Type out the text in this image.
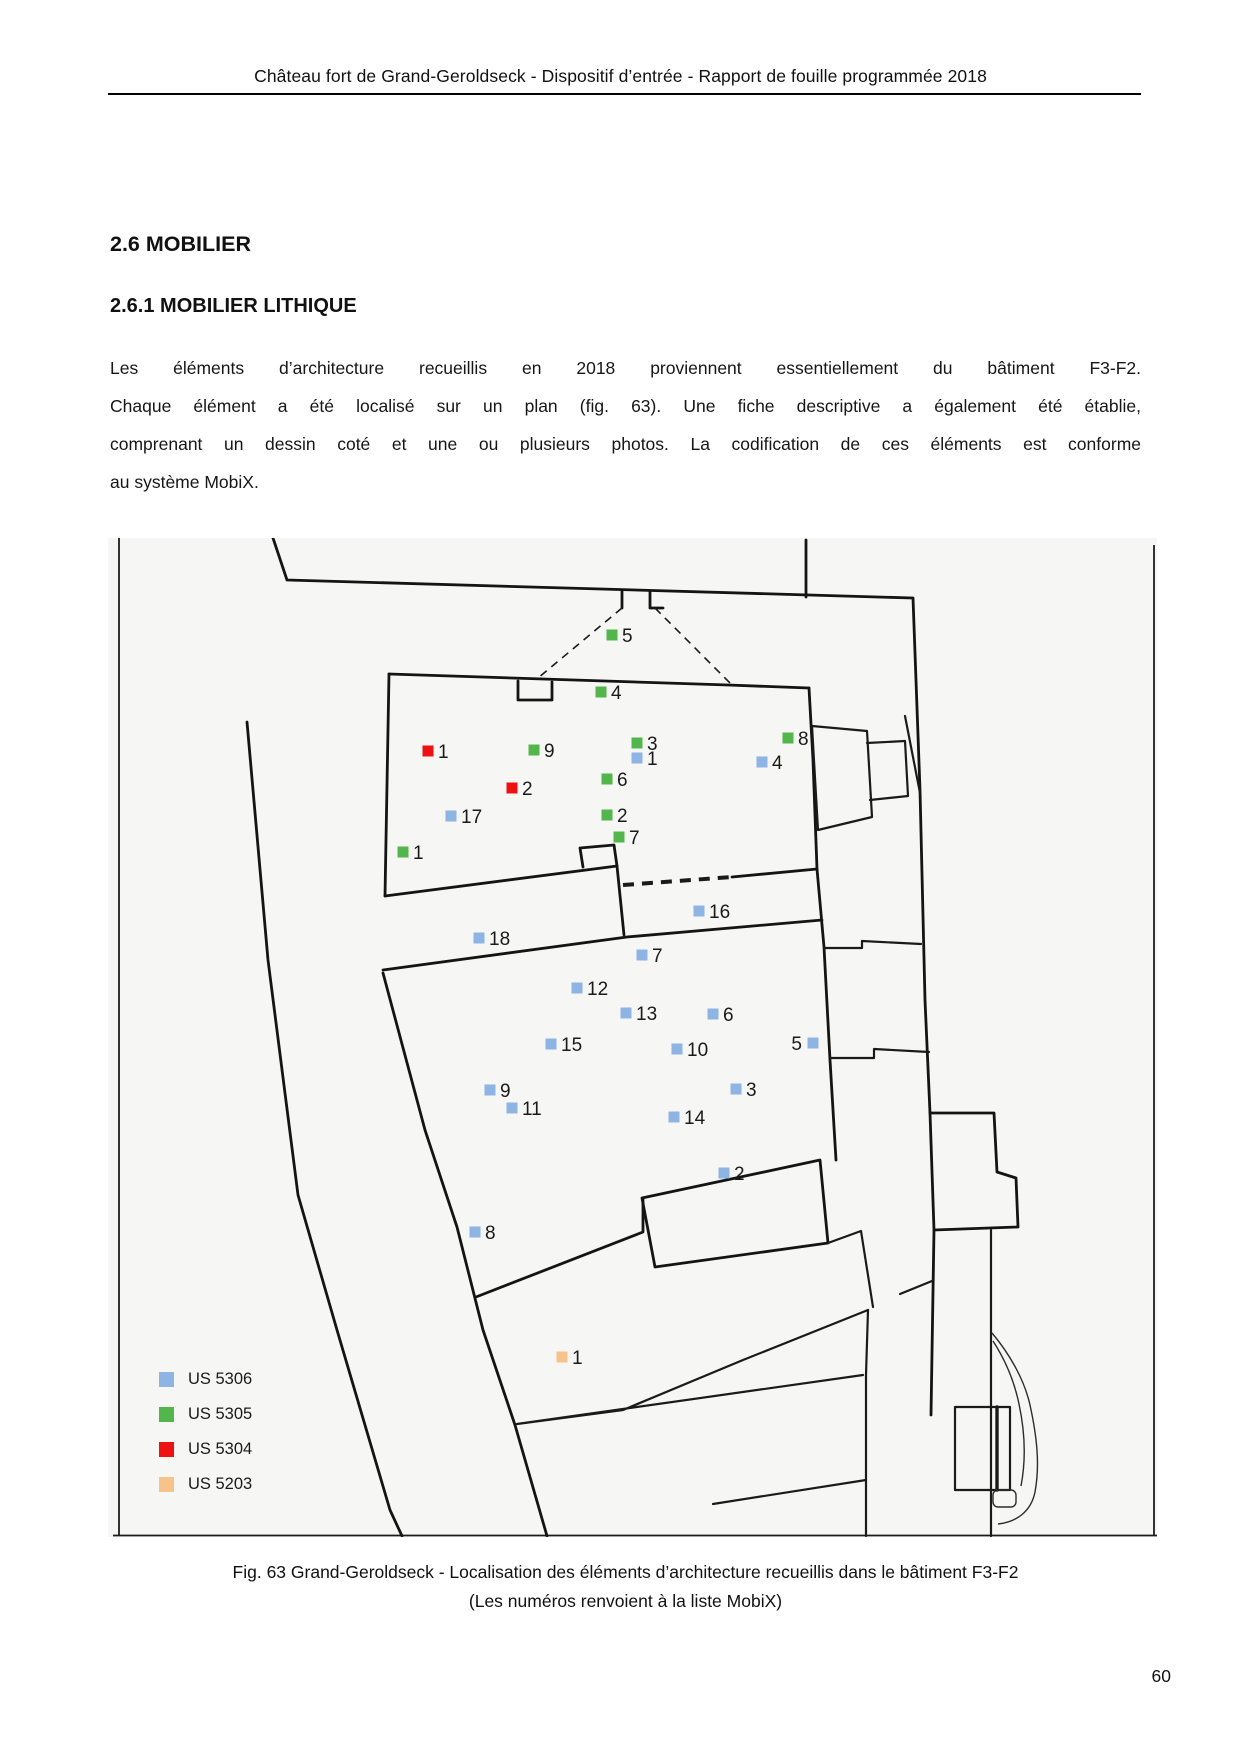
Château fort de Grand-Geroldseck - Dispositif d’entrée - Rapport de fouille programmée 2018
2.6 MOBILIER
2.6.1 MOBILIER LITHIQUE
Les éléments d’architecture recueillis en 2018 proviennent essentiellement du bâtiment F3-F2.
Chaque élément a été localisé sur un plan (fig. 63). Une fiche descriptive a également été établie,
comprenant un dessin coté et une ou plusieurs photos. La codification de ces éléments est conforme
au système MobiX.
5
4
8
3
9
6
2
7
1
1
2
1	4
17
16
18
7
12
13	6
15	10	5
9	3
11	14
2
8
1
US 5306
US 5305
US 5304
US 5203
Fig. 63 Grand-Geroldseck - Localisation des éléments d’architecture recueillis dans le bâtiment F3-F2
(Les numéros renvoient à la liste MobiX)
60
